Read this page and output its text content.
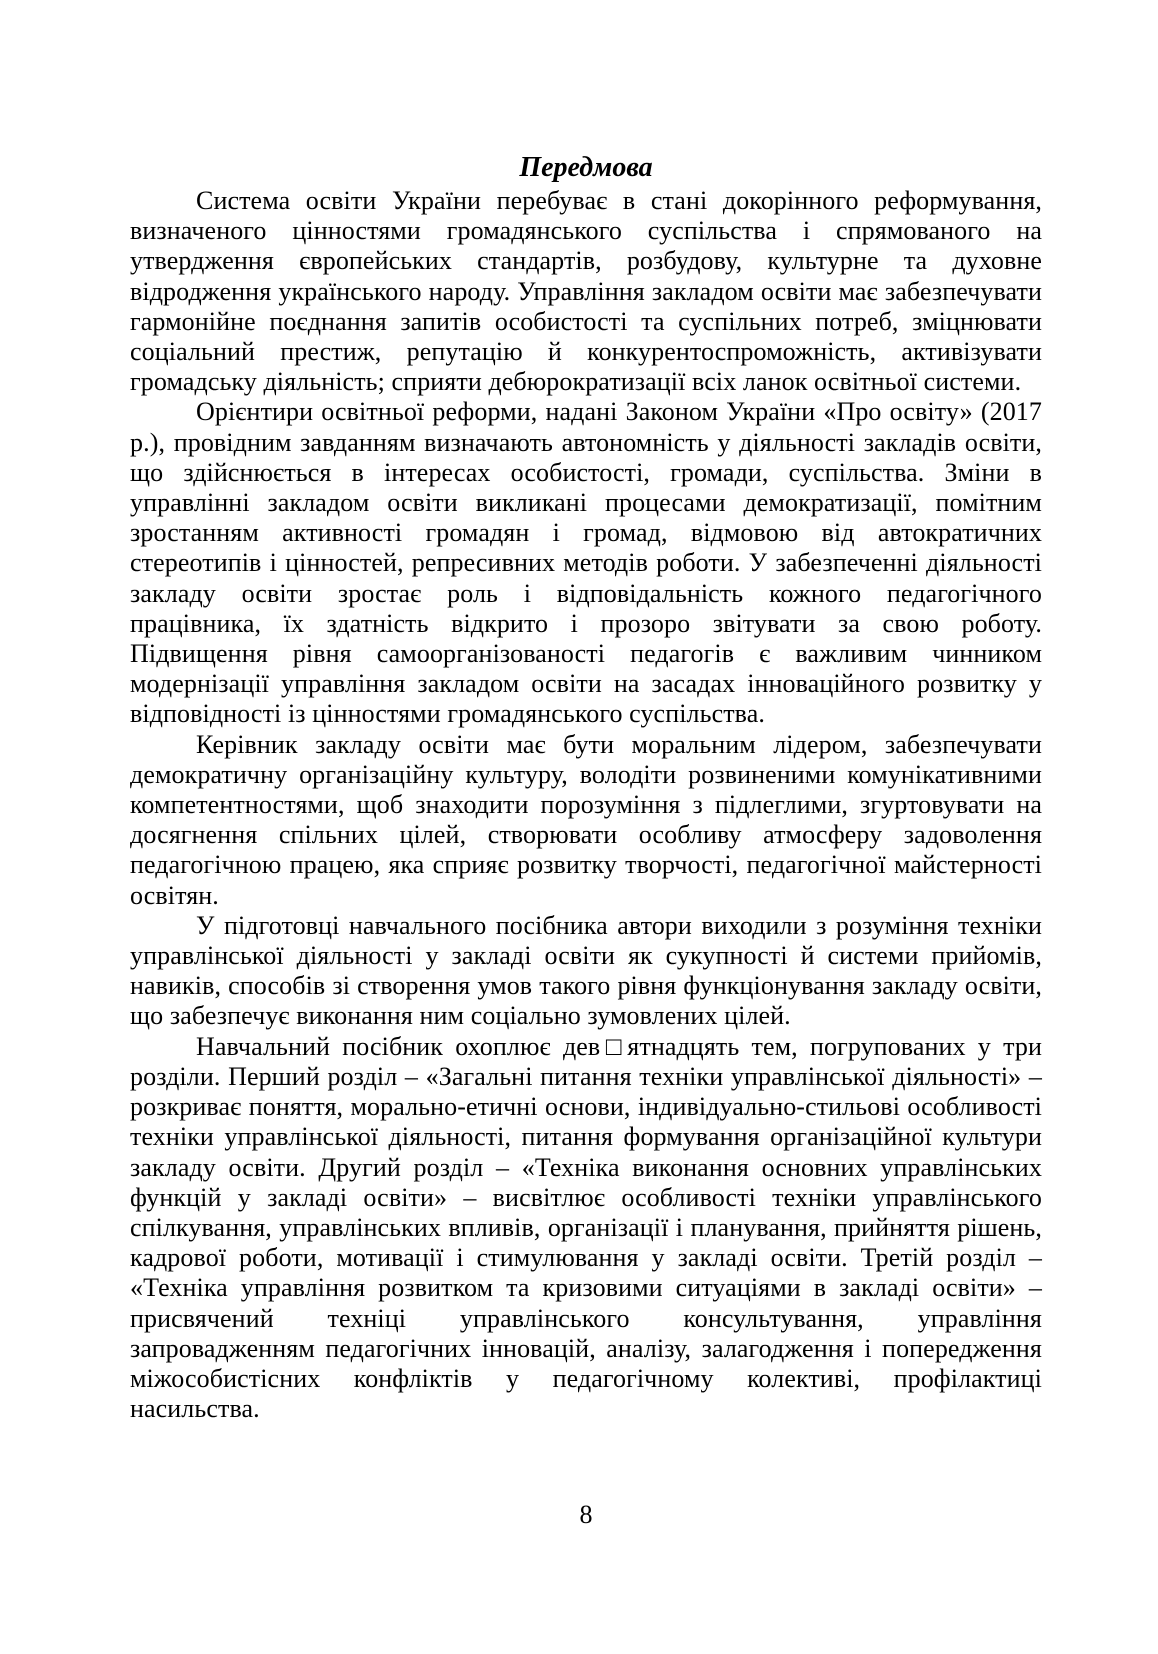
Передмова

Система освіти України перебуває в стані докорінного реформування, визначеного цінностями громадянського суспільства і спрямованого на утвердження європейських стандартів, розбудову, культурне та духовне відродження українського народу. Управління закладом освіти має забезпечувати гармонійне поєднання запитів особистості та суспільних потреб, зміцнювати соціальний престиж, репутацію й конкурентоспроможність, активізувати громадську діяльність; сприяти дебюрократизації всіх ланок освітньої системи.

Орієнтири освітньої реформи, надані Законом України «Про освіту» (2017 р.), провідним завданням визначають автономність у діяльності закладів освіти, що здійснюється в інтересах особистості, громади, суспільства. Зміни в управлінні закладом освіти викликані процесами демократизації, помітним зростанням активності громадян і громад, відмовою від автократичних стереотипів і цінностей, репресивних методів роботи. У забезпеченні діяльності закладу освіти зростає роль і відповідальність кожного педагогічного працівника, їх здатність відкрито і прозоро звітувати за свою роботу. Підвищення рівня самоорганізованості педагогів є важливим чинником модернізації управління закладом освіти на засадах інноваційного розвитку у відповідності із цінностями громадянського суспільства.

Керівник закладу освіти має бути моральним лідером, забезпечувати демократичну організаційну культуру, володіти розвиненими комунікативними компетентностями, щоб знаходити порозуміння з підлеглими, згуртовувати на досягнення спільних цілей, створювати особливу атмосферу задоволення педагогічною працею, яка сприяє розвитку творчості, педагогічної майстерності освітян.

У підготовці навчального посібника автори виходили з розуміння техніки управлінської діяльності у закладі освіти як сукупності й системи прийомів, навиків, способів зі створення умов такого рівня функціонування закладу освіти, що забезпечує виконання ним соціально зумовлених цілей.

Навчальний посібник охоплює дев□ятнадцять тем, погрупованих у три розділи. Перший розділ – «Загальні питання техніки управлінської діяльності» – розкриває поняття, морально-етичні основи, індивідуально-стильові особливості техніки управлінської діяльності, питання формування організаційної культури закладу освіти. Другий розділ – «Техніка виконання основних управлінських функцій у закладі освіти» – висвітлює особливості техніки управлінського спілкування, управлінських впливів, організації і планування, прийняття рішень, кадрової роботи, мотивації і стимулювання у закладі освіти. Третій розділ – «Техніка управління розвитком та кризовими ситуаціями в закладі освіти» – присвячений техніці управлінського консультування, управління запровадженням педагогічних інновацій, аналізу, залагодження і попередження міжособистісних конфліктів у педагогічному колективі, профілактиці насильства.

8
